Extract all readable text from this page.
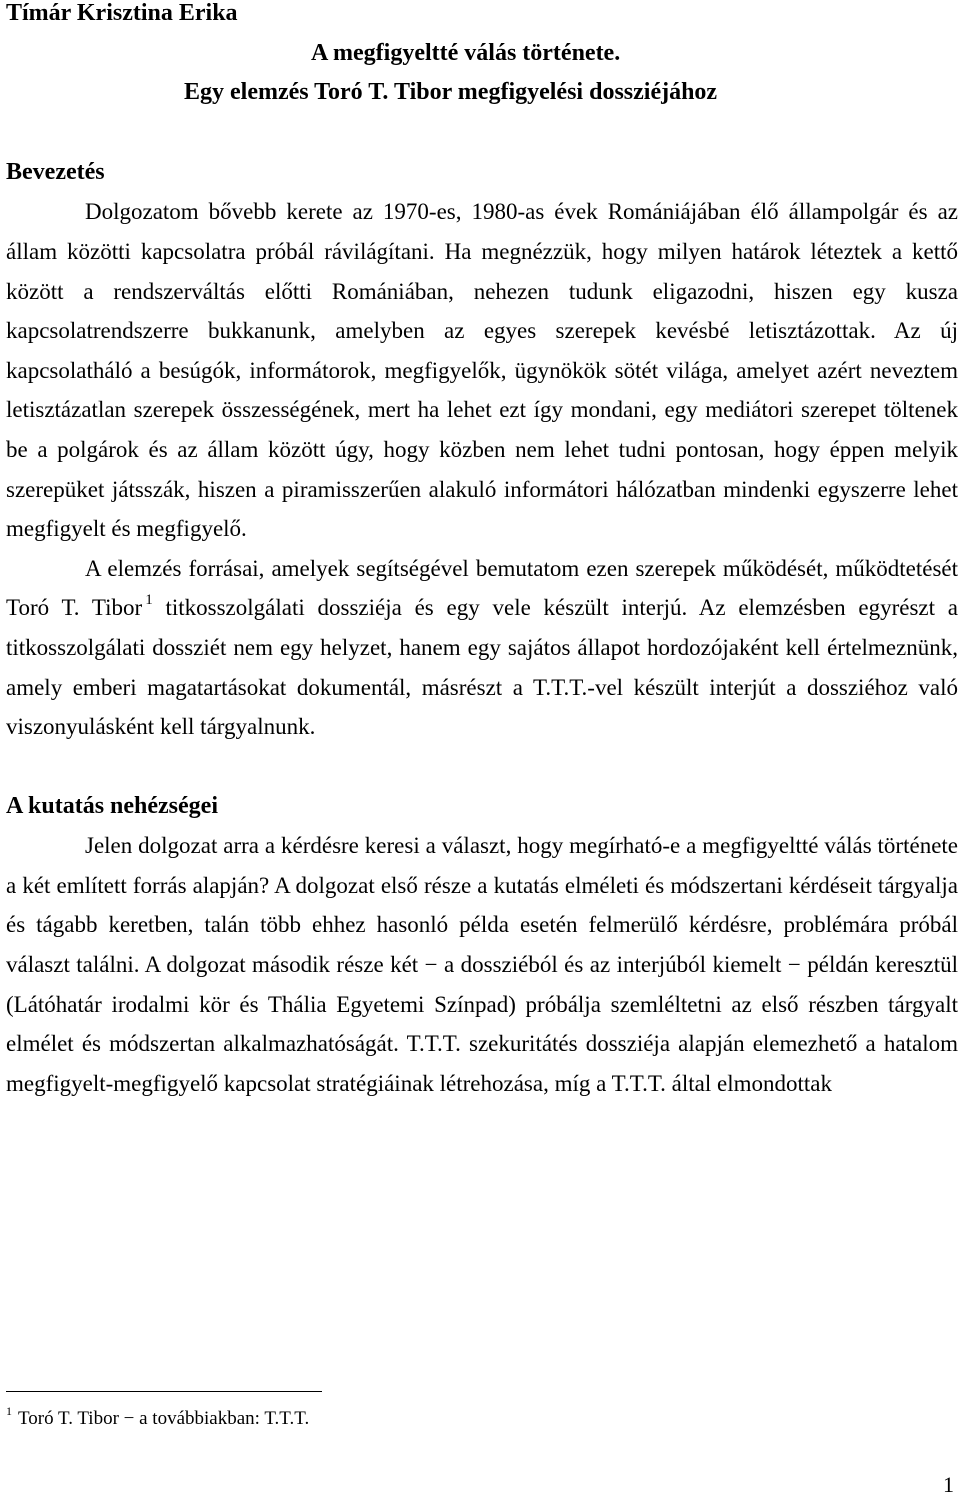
Tímár Krisztina Erika

A megfigyeltté válás története.

Egy elemzés Toró T. Tibor megfigyelési dossziéjához

Bevezetés

Dolgozatom bővebb kerete az 1970-es, 1980-as évek Romániájában élő állampolgár és az állam közötti kapcsolatra próbál rávilágítani. Ha megnézzük, hogy milyen határok léteztek a kettő között a rendszerváltás előtti Romániában, nehezen tudunk eligazodni, hiszen egy kusza kapcsolatrendszerre bukkanunk, amelyben az egyes szerepek kevésbé letisztázottak. Az új kapcsolatháló a besúgók, informátorok, megfigyelők, ügynökök sötét világa, amelyet azért neveztem letisztázatlan szerepek összességének, mert ha lehet ezt így mondani, egy mediátori szerepet töltenek be a polgárok és az állam között úgy, hogy közben nem lehet tudni pontosan, hogy éppen melyik szerepüket játsszák, hiszen a piramisszerűen alakuló informátori hálózatban mindenki egyszerre lehet megfigyelt és megfigyelő.

A elemzés forrásai, amelyek segítségével bemutatom ezen szerepek működését, működtetését Toró T. Tibor $^1$ titkosszolgálati dossziéja és egy vele készült interjú. Az elemzésben egyrészt a titkosszolgálati dossziét nem egy helyzet, hanem egy sajátos állapot hordozójaként kell értelmeznünk, amely emberi magatartásokat dokumentál, másrészt a T.T.T.-vel készült interjút a dossziéhoz való viszonyulásként kell tárgyalnunk.

A kutatás nehézségei

Jelen dolgozat arra a kérdésre keresi a választ, hogy megírható-e a megfigyeltté válás története a két említett forrás alapján? A dolgozat első része a kutatás elméleti és módszertani kérdéseit tárgyalja és tágabb keretben, talán több ehhez hasonló példa esetén felmerülő kérdésre, problémára próbál választ találni. A dolgozat második része két − a dossziéból és az interjúból kiemelt − példán keresztül (Látóhatár irodalmi kör és Thália Egyetemi Színpad) próbálja szemléltetni az első részben tárgyalt elmélet és módszertan alkalmazhatóságát. T.T.T. szekuritátés dossziéja alapján elemezhető a hatalom megfigyelt-megfigyelő kapcsolat stratégiáinak létrehozása, míg a T.T.T. által elmondottak

$^1$ Toró T. Tibor − a továbbiakban: T.T.T.
1
